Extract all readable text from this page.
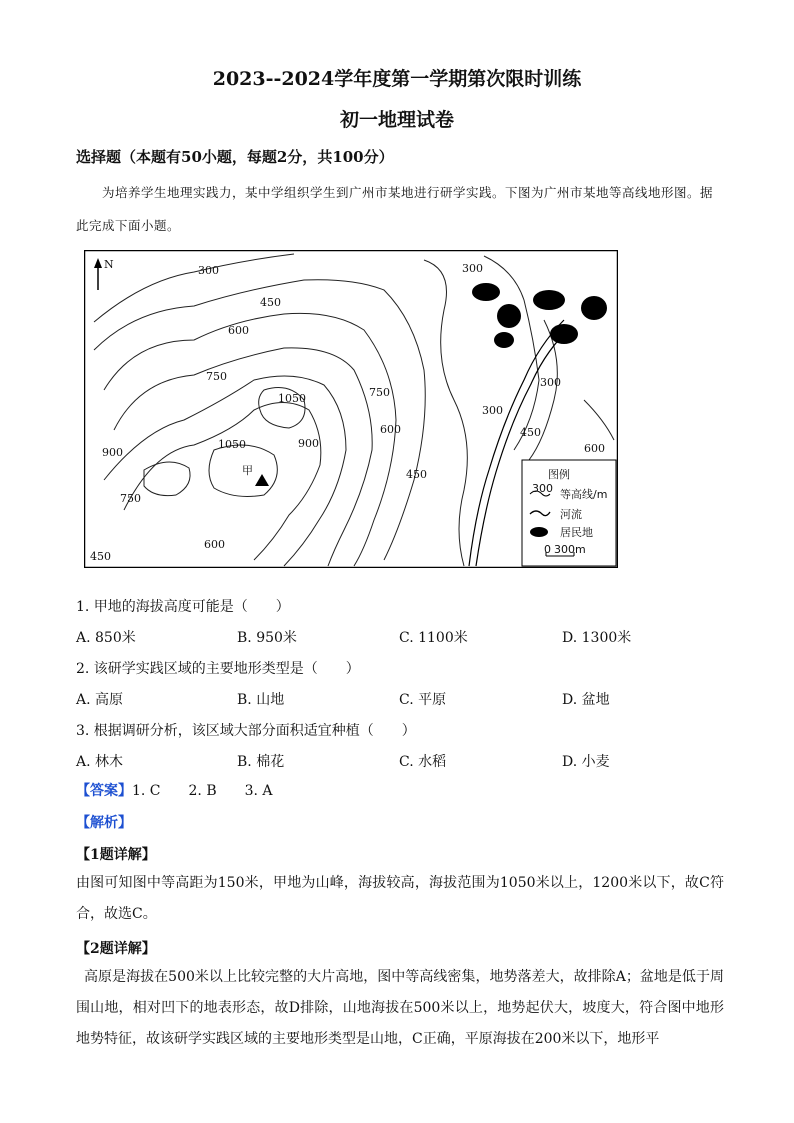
2023--2024学年度第一学期第次限时训练
初一地理试卷
选择题（本题有50小题，每题2分，共100分）
为培养学生地理实践力，某中学组织学生到广州市某地进行研学实践。下图为广州市某地等高线地形图。据此完成下面小题。
N
甲
300
450
600
750
1050	750
600
900
1050
900
750
600
450
450
300
300
450
600
300
图例
300 等高线/m
河流
居民地
0 300m
1. 甲地的海拔高度可能是（　　）
A. 850米	B. 950米	C. 1100米	D. 1300米
2. 该研学实践区域的主要地形类型是（　　）
A. 高原	B. 山地	C. 平原	D. 盆地
3. 根据调研分析，该区域大部分面积适宜种植（　　）
A. 林木	B. 棉花	C. 水稻	D. 小麦
【答案】1. C　　2. B　　3. A
【解析】
【1题详解】
由图可知图中等高距为150米，甲地为山峰，海拔较高，海拔范围为1050米以上，1200米以下，故C符合，故选C。
【2题详解】
高原是海拔在500米以上比较完整的大片高地，图中等高线密集，地势落差大，故排除A；盆地是低于周围山地，相对凹下的地表形态，故D排除，山地海拔在500米以上，地势起伏大，坡度大，符合图中地形地势特征，故该研学实践区域的主要地形类型是山地，C正确，平原海拔在200米以下，地形平
